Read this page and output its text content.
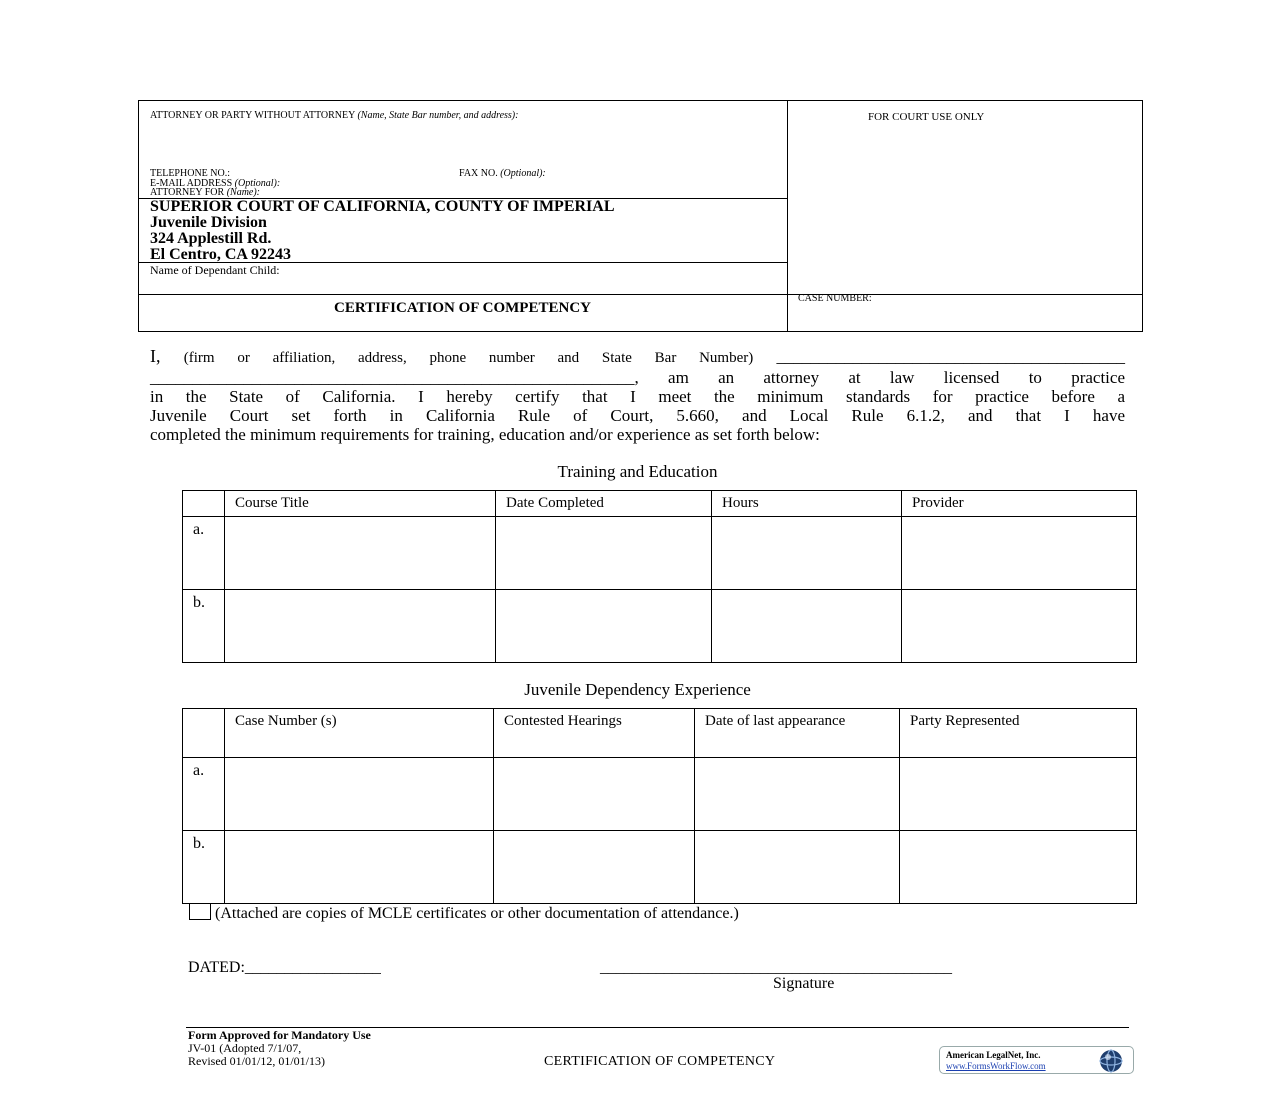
ATTORNEY OR PARTY WITHOUT ATTORNEY (Name, State Bar number, and address):	FOR COURT USE ONLY
TELEPHONE NO.:	FAX NO. (Optional):
E-MAIL ADDRESS (Optional):
ATTORNEY FOR (Name):
SUPERIOR COURT OF CALIFORNIA, COUNTY OF IMPERIAL
Juvenile Division
324 Applestill Rd.
El Centro, CA 92243
Name of Dependant Child:
CERTIFICATION OF COMPETENCY
CASE NUMBER:
I, (firm or affiliation, address, phone number and State Bar Number) _________________________________________
_________________________________________________________, am an attorney at law licensed to practice
in the State of California. I hereby certify that I meet the minimum standards for practice before a
Juvenile Court set forth in California Rule of Court, 5.660, and Local Rule 6.1.2, and that I have
completed the minimum requirements for training, education and/or experience as set forth below:
Training and Education
	Course Title	Date Completed	Hours	Provider
a.				
b.				
Juvenile Dependency Experience
	Case Number (s)	Contested Hearings	Date of last appearance	Party Represented
a.				
b.				
(Attached are copies of MCLE certificates or other documentation of attendance.)
DATED:_________________	____________________________________________
Signature
Form Approved for Mandatory Use
JV-01 (Adopted 7/1/07,
Revised 01/01/12, 01/01/13)	CERTIFICATION OF COMPETENCY	American LegalNet, Inc.
www.FormsWorkFlow.com
